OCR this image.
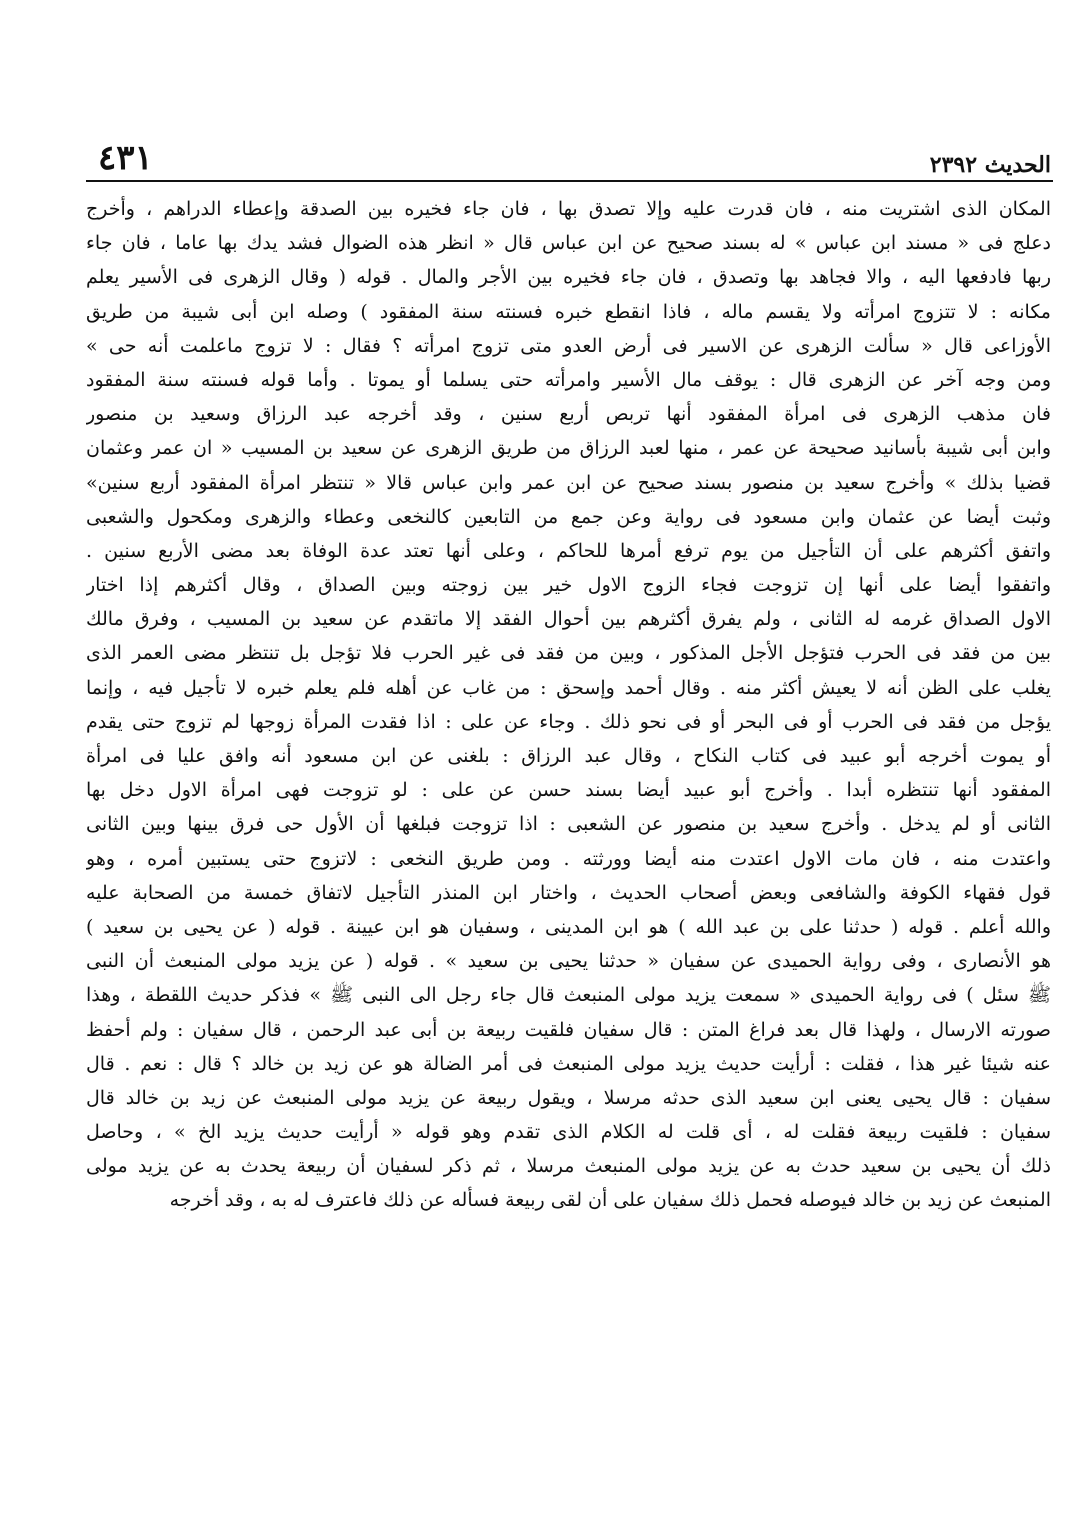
الحديث ٢٣٩٢
٤٣١
المكان الذى اشتريت منه ، فان قدرت عليه وإلا تصدق بها ، فان جاء فخيره بين الصدقة وإعطاء الدراهم ، وأخرج
دعلج فى « مسند ابن عباس » له بسند صحيح عن ابن عباس قال « انظر هذه الضوال فشد يدك بها عاما ، فان جاء
ربها فادفعها اليه ، والا فجاهد بها وتصدق ، فان جاء فخيره بين الأجر والمال . قوله ( وقال الزهرى فى الأسير يعلم
مكانه : لا تتزوج امرأته ولا يقسم ماله ، فاذا انقطع خبره فسنته سنة المفقود ) وصله ابن أبى شيبة من طريق
الأوزاعى قال « سألت الزهرى عن الاسير فى أرض العدو متى تزوج امرأته ؟ فقال : لا تزوج ماعلمت أنه حى »
ومن وجه آخر عن الزهرى قال : يوقف مال الأسير وامرأته حتى يسلما أو يموتا . وأما قوله فسنته سنة المفقود
فان مذهب الزهرى فى امرأة المفقود أنها تربص أربع سنين ، وقد أخرجه عبد الرزاق وسعيد بن منصور
وابن أبى شيبة بأسانيد صحيحة عن عمر ، منها لعبد الرزاق من طريق الزهرى عن سعيد بن المسيب « ان عمر وعثمان
قضيا بذلك » وأخرج سعيد بن منصور بسند صحيح عن ابن عمر وابن عباس قالا « تنتظر امرأة المفقود أربع سنين»
وثبت أيضا عن عثمان وابن مسعود فى رواية وعن جمع من التابعين كالنخعى وعطاء والزهرى ومكحول والشعبى
واتفق أكثرهم على أن التأجيل من يوم ترفع أمرها للحاكم ، وعلى أنها تعتد عدة الوفاة بعد مضى الأربع سنين .
واتفقوا أيضا على أنها إن تزوجت فجاء الزوج الاول خير بين زوجته وبين الصداق ، وقال أكثرهم إذا اختار
الاول الصداق غرمه له الثانى ، ولم يفرق أكثرهم بين أحوال الفقد إلا ماتقدم عن سعيد بن المسيب ، وفرق مالك
بين من فقد فى الحرب فتؤجل الأجل المذكور ، وبين من فقد فى غير الحرب فلا تؤجل بل تنتظر مضى العمر الذى
يغلب على الظن أنه لا يعيش أكثر منه . وقال أحمد وإسحق : من غاب عن أهله فلم يعلم خبره لا تأجيل فيه ، وإنما
يؤجل من فقد فى الحرب أو فى البحر أو فى نحو ذلك . وجاء عن على : اذا فقدت المرأة زوجها لم تزوج حتى يقدم
أو يموت أخرجه أبو عبيد فى كتاب النكاح ، وقال عبد الرزاق : بلغنى عن ابن مسعود أنه وافق عليا فى امرأة
المفقود أنها تنتظره أبدا . وأخرج أبو عبيد أيضا بسند حسن عن على : لو تزوجت فهى امرأة الاول دخل بها
الثانى أو لم يدخل . وأخرج سعيد بن منصور عن الشعبى : اذا تزوجت فبلغها أن الأول حى فرق بينها وبين الثانى
واعتدت منه ، فان مات الاول اعتدت منه أيضا وورثته . ومن طريق النخعى : لاتزوج حتى يستبين أمره ، وهو
قول فقهاء الكوفة والشافعى وبعض أصحاب الحديث ، واختار ابن المنذر التأجيل لاتفاق خمسة من الصحابة عليه
والله أعلم . قوله ( حدثنا على بن عبد الله ) هو ابن المدينى ، وسفيان هو ابن عيينة . قوله ( عن يحيى بن سعيد )
هو الأنصارى ، وفى رواية الحميدى عن سفيان « حدثنا يحيى بن سعيد » . قوله ( عن يزيد مولى المنبعث أن النبى
ﷺ سئل ) فى رواية الحميدى « سمعت يزيد مولى المنبعث قال جاء رجل الى النبى ﷺ » فذكر حديث اللقطة ، وهذا
صورته الارسال ، ولهذا قال بعد فراغ المتن : قال سفيان فلقيت ربيعة بن أبى عبد الرحمن ، قال سفيان : ولم أحفظ
عنه شيئا غير هذا ، فقلت : أرأيت حديث يزيد مولى المنبعث فى أمر الضالة هو عن زيد بن خالد ؟ قال : نعم . قال
سفيان : قال يحيى يعنى ابن سعيد الذى حدثه مرسلا ، ويقول ربيعة عن يزيد مولى المنبعث عن زيد بن خالد قال
سفيان : فلقيت ربيعة فقلت له ، أى قلت له الكلام الذى تقدم وهو قوله « أرأيت حديث يزيد الخ » ، وحاصل
ذلك أن يحيى بن سعيد حدث به عن يزيد مولى المنبعث مرسلا ، ثم ذكر لسفيان أن ربيعة يحدث به عن يزيد مولى
المنبعث عن زيد بن خالد فيوصله فحمل ذلك سفيان على أن لقى ربيعة فسأله عن ذلك فاعترف له به ، وقد أخرجه
